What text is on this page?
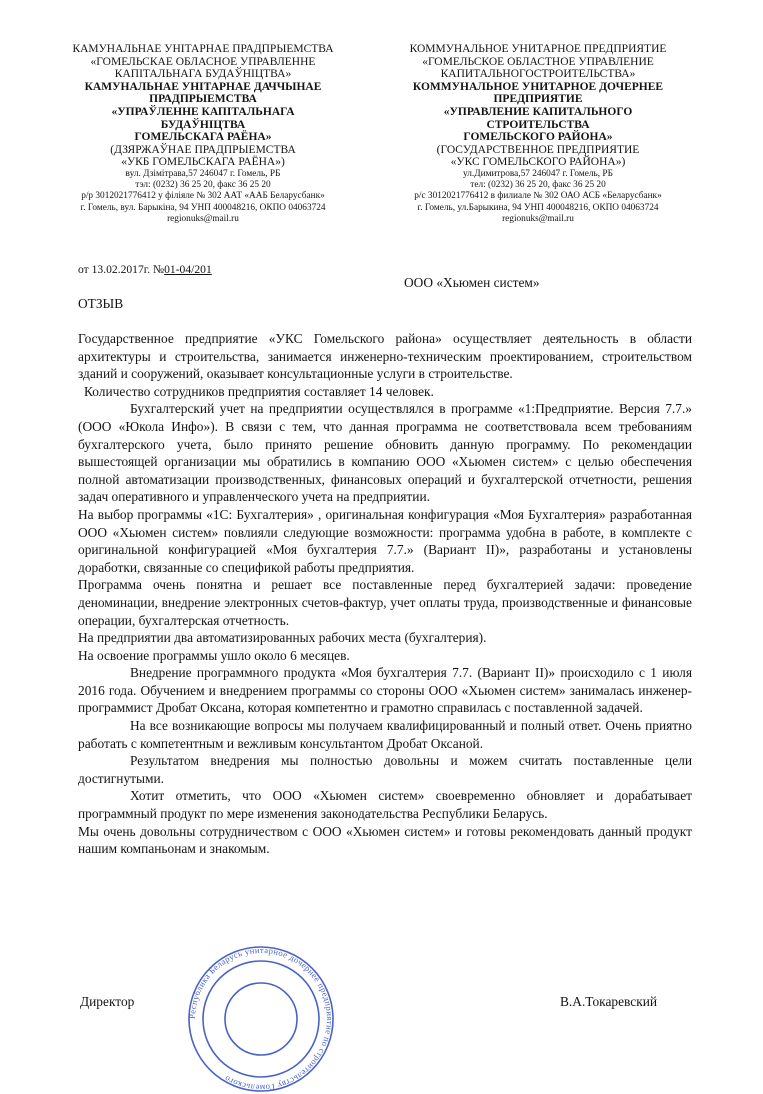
КАМУНАЛЬНАЕ УНІТАРНАЕ ПРАДПРЫЕМСТВА
«ГОМЕЛЬСКАЕ ОБЛАСНОЕ УПРАВЛЕННЕ
КАПІТАЛЬНАГА БУДАЎНІЦТВА»
КАМУНАЛЬНАЕ УНІТАРНАЕ ДАЧЧЫНАЕ
ПРАДПРЫЕМСТВА
«УПРАЎЛЕННЕ КАПІТАЛЬНАГА
БУДАЎНІЦТВА
ГОМЕЛЬСКАГА РАЁНА»
(ДЗЯРЖАЎНАЕ ПРАДПРЫЕМСТВА
«УКБ ГОМЕЛЬСКАГА РАЁНА»)
вул. Дзімітрава,57 246047 г. Гомель, РБ
тэл: (0232) 36 25 20, факс 36 25 20
р/р 3012021776412 у філіяле № 302 ААТ «ААБ Беларусбанк»
г. Гомель, вул. Барыкіна, 94 УНП 400048216, ОКПО 04063724
regionuks@mail.ru
КОММУНАЛЬНОЕ УНИТАРНОЕ ПРЕДПРИЯТИЕ
«ГОМЕЛЬСКОЕ ОБЛАСТНОЕ УПРАВЛЕНИЕ
КАПИТАЛЬНОГОСТРОИТЕЛЬСТВА»
КОММУНАЛЬНОЕ УНИТАРНОЕ ДОЧЕРНЕЕ
ПРЕДПРИЯТИЕ
«УПРАВЛЕНИЕ КАПИТАЛЬНОГО
СТРОИТЕЛЬСТВА
ГОМЕЛЬСКОГО РАЙОНА»
(ГОСУДАРСТВЕННОЕ ПРЕДПРИЯТИЕ
«УКС ГОМЕЛЬСКОГО РАЙОНА»)
ул.Димитрова,57 246047 г. Гомель, РБ
тел: (0232) 36 25 20, факс 36 25 20
р/с 3012021776412 в филиале № 302 ОАО АСБ «Беларусбанк»
г. Гомель, ул.Барыкина, 94 УНП 400048216, ОКПО 04063724
regionuks@mail.ru
от 13.02.2017г. №01-04/201
ООО «Хьюмен систем»
ОТЗЫВ

Государственное предприятие «УКС Гомельского района» осуществляет деятельность в области архитектуры и строительства, занимается инженерно-техническим проектированием, строительством зданий и сооружений, оказывает консультационные услуги в строительстве.

Количество сотрудников предприятия составляет 14 человек.

Бухгалтерский учет на предприятии осуществлялся в программе «1:Предприятие. Версия 7.7.» (ООО «Юкола Инфо»). В связи с тем, что данная программа не соответствовала всем требованиям бухгалтерского учета, было принято решение обновить данную программу. По рекомендации вышестоящей организации мы обратились в компанию ООО «Хьюмен систем» с целью обеспечения полной автоматизации производственных, финансовых операций и бухгалтерской отчетности, решения задач оперативного и управленческого учета на предприятии.

На выбор программы «1С: Бухгалтерия» , оригинальная конфигурация «Моя Бухгалтерия» разработанная ООО «Хьюмен систем» повлияли следующие возможности: программа удобна в работе, в комплекте с оригинальной конфигурацией «Моя бухгалтерия 7.7.» (Вариант II)», разработаны и установлены доработки, связанные со спецификой работы предприятия.

Программа очень понятна и решает все поставленные перед бухгалтерией задачи: проведение деноминации, внедрение электронных счетов-фактур, учет оплаты труда, производственные и финансовые операции, бухгалтерская отчетность.

На предприятии два автоматизированных рабочих места (бухгалтерия).

На освоение программы ушло около 6 месяцев.

Внедрение программного продукта «Моя бухгалтерия 7.7. (Вариант II)» происходило с 1 июля 2016 года. Обучением и внедрением программы со стороны ООО «Хьюмен систем» занималась инженер-программист Дробат Оксана, которая компетентно и грамотно справилась с поставленной задачей.

На все возникающие вопросы мы получаем квалифицированный и полный ответ. Очень приятно работать с компетентным и вежливым консультантом Дробат Оксаной.

Результатом внедрения мы полностью довольны и можем считать поставленные цели достигнутыми.

Хотит отметить, что ООО «Хьюмен систем» своевременно обновляет и дорабатывает программный продукт по мере изменения законодательства Республики Беларусь.

Мы очень довольны сотрудничеством с ООО «Хьюмен систем» и готовы рекомендовать данный продукт нашим компаньонам и знакомым.

Республика Беларусь унитарное дочернее предприятие по строительству Гомельского
Директор	В.А.Токаревский
